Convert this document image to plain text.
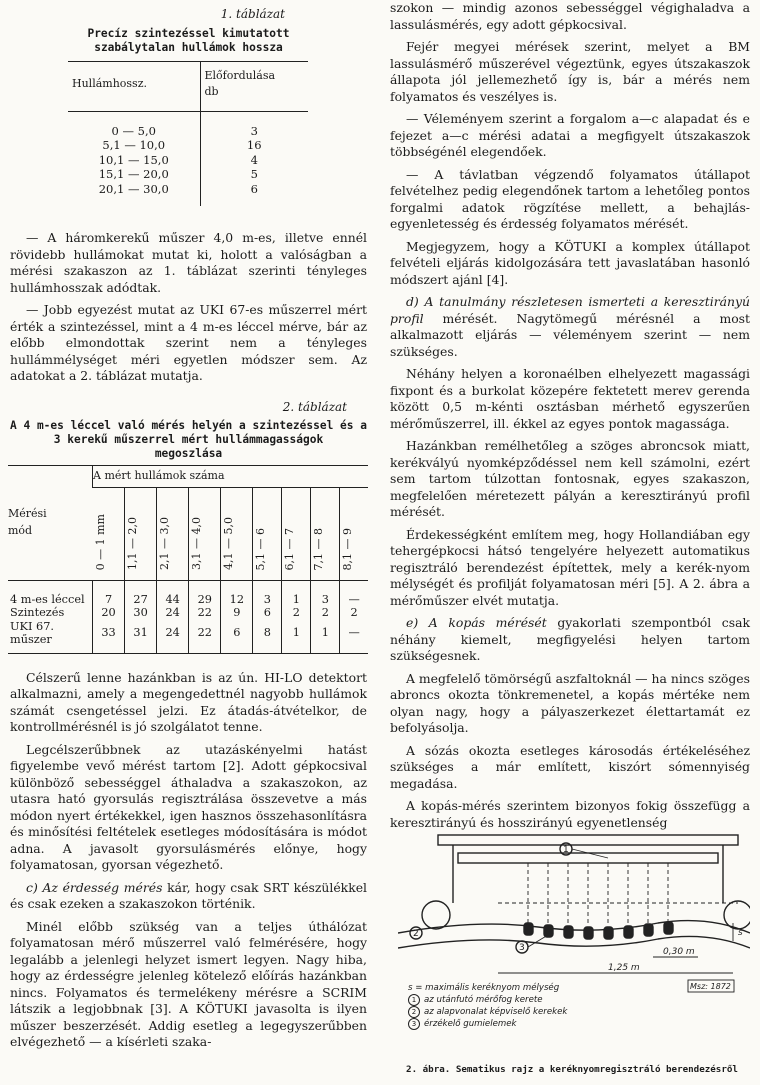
1. táblázat
Precíz szintezéssel kimutatott
szabálytalan hullámok hossza
Hullámhossz.	Előfordulása
db

0 — 5,0	3
5,1 — 10,0	16
10,1 — 15,0	4
15,1 — 20,0	5
20,1 — 30,0	6

— A háromkerekű műszer 4,0 m-es, illetve ennél rövidebb hullámokat mutat ki, holott a valóságban a mérési szakaszon az 1. táblázat szerinti tényleges hullámhosszak adódtak.

— Jobb egyezést mutat az UKI 67-es műszerrel mért érték a szintezéssel, mint a 4 m-es léccel mérve, bár az előbb elmondottak szerint nem a tényleges hullámmélységet méri egyetlen módszer sem. Az adatokat a 2. táblázat mutatja.

2. táblázat
A 4 m-es léccel való mérés helyén a szintezéssel és a
3 kerekű műszerrel mért hullámmagasságok
megoszlása
Mérési
mód	A mért hullámok száma								
	0 — 1 mm	1,1 — 2,0	2,1 — 3,0	3,1 — 4,0	4,1 — 5,0	5,1 — 6	6,1 — 7	7,1 — 8	8,1 — 9
4 m-es léccel	7	27	44	29	12	3	1	3	—
Szintezés	20	30	24	22	9	6	2	2	2
UKI 67. műszer	33	31	24	22	6	8	1	1	—

Célszerű lenne hazánkban is az ún. HI-LO detektort alkalmazni, amely a megengedettnél nagyobb hullámok számát csengetéssel jelzi. Ez átadás-átvételkor, de kontrollmérésnél is jó szolgálatot tenne.

Legcélszerűbbnek az utazáskényelmi hatást figyelembe vevő mérést tartom [2]. Adott gépkocsival különböző sebességgel áthaladva a szakaszokon, az utasra ható gyorsulás regisztrálása összevetve a más módon nyert értékekkel, igen hasznos összehasonlításra és minősítési feltételek esetleges módosítására is módot adna. A javasolt gyorsulásmérés előnye, hogy folyamatosan, gyorsan végezhető.

c) Az érdesség mérés kár, hogy csak SRT készülékkel és csak ezeken a szakaszokon történik.

Minél előbb szükség van a teljes úthálózat folyamatosan mérő műszerrel való felmérésére, hogy legalább a jelenlegi helyzet ismert legyen. Nagy hiba, hogy az érdességre jelenleg kötelező előírás hazánkban nincs. Folyamatos és termelékeny mérésre a SCRIM látszik a legjobbnak [3]. A KÖTUKI javasolta is ilyen műszer beszerzését. Addig esetleg a legegyszerűbben elvégezhető — a kísérleti szaka-

szokon — mindig azonos sebességgel végighaladva a lassulásmérés, egy adott gépkocsival.

Fejér megyei mérések szerint, melyet a BM lassulásmérő műszerével végeztünk, egyes útszakaszok állapota jól jellemezhető így is, bár a mérés nem folyamatos és veszélyes is.

— Véleményem szerint a forgalom a—c alapadat és e fejezet a—c mérési adatai a megfigyelt útszakaszok többségénél elegendőek.

— A távlatban végzendő folyamatos útállapot felvételhez pedig elegendőnek tartom a lehetőleg pontos forgalmi adatok rögzítése mellett, a behajlás-egyenletesség és érdesség folyamatos mérését.

Megjegyzem, hogy a KÖTUKI a komplex útállapot felvételi eljárás kidolgozására tett javaslatában hasonló módszert ajánl [4].

d) A tanulmány részletesen ismerteti a keresztirányú profil mérését. Nagytömegű mérésnél a most alkalmazott eljárás — véleményem szerint — nem szükséges.

Néhány helyen a koronaélben elhelyezett magassági fixpont és a burkolat közepére fektetett merev gerenda között 0,5 m-kénti osztásban mérhető egyszerűen mérőműszerrel, ill. ékkel az egyes pontok magassága.

Hazánkban remélhetőleg a szöges abroncsok miatt, kerékvályú nyomképződéssel nem kell számolni, ezért sem tartom túlzottan fontosnak, egyes szakaszon, megfelelően méretezett pályán a keresztirányú profil mérését.

Érdekességként említem meg, hogy Hollandiában egy tehergépkocsi hátsó tengelyére helyezett automatikus regisztráló berendezést építettek, mely a kerék-nyom mélységét és profilját folyamatosan méri [5]. A 2. ábra a mérőműszer elvét mutatja.

e) A kopás mérését gyakorlati szempontból csak néhány kiemelt, megfigyelési helyen tartom szükségesnek.

A megfelelő tömörségű aszfaltoknál — ha nincs szöges abroncs okozta tönkremenetel, a kopás mértéke nem olyan nagy, hogy a pályaszerkezet élettartamát ez befolyásolja.

A sózás okozta esetleges károsodás értékeléséhez szükséges a már említett, kiszórt sómennyiség megadása.

A kopás-mérés szerintem bizonyos fokig összefügg a keresztirányú és hosszirányú egyenetlenség

1
2
3
1,25 m
0,30 m
s
Msz: 1872
s = maximális keréknyom mélység
1 az utánfutó mérőfog kerete
2 az alapvonalat képviselő kerekek
3 érzékelő gumielemek
2. ábra. Sematikus rajz a keréknyomregisztráló berendezésről
